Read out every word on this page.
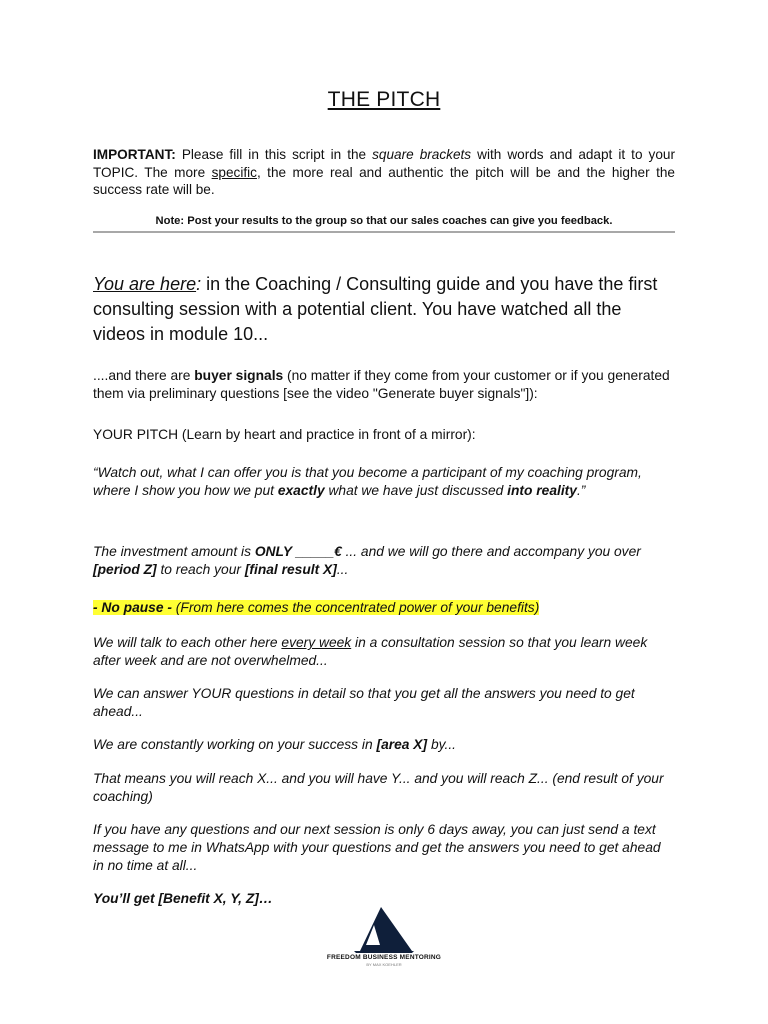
THE PITCH

IMPORTANT: Please fill in this script in the square brackets with words and adapt it to your TOPIC. The more specific, the more real and authentic the pitch will be and the higher the success rate will be.

Note: Post your results to the group so that our sales coaches can give you feedback.

You are here: in the Coaching / Consulting guide and you have the first consulting session with a potential client. You have watched all the videos in module 10...

....and there are buyer signals (no matter if they come from your customer or if you generated them via preliminary questions [see the video "Generate buyer signals"]):

YOUR PITCH (Learn by heart and practice in front of a mirror):

“Watch out, what I can offer you is that you become a participant of my coaching program, where I show you how we put exactly what we have just discussed into reality.”

The investment amount is ONLY _____€ ... and we will go there and accompany you over [period Z] to reach your [final result X]...

- No pause - (From here comes the concentrated power of your benefits)

We will talk to each other here every week in a consultation session so that you learn week after week and are not overwhelmed...

We can answer YOUR questions in detail so that you get all the answers you need to get ahead...

We are constantly working on your success in [area X] by...

That means you will reach X... and you will have Y... and you will reach Z... (end result of your coaching)

If you have any questions and our next session is only 6 days away, you can just send a text message to me in WhatsApp with your questions and get the answers you need to get ahead in no time at all...

You’ll get [Benefit X, Y, Z]…

FREEDOM BUSINESS MENTORING
BY MAX KOEHLER
